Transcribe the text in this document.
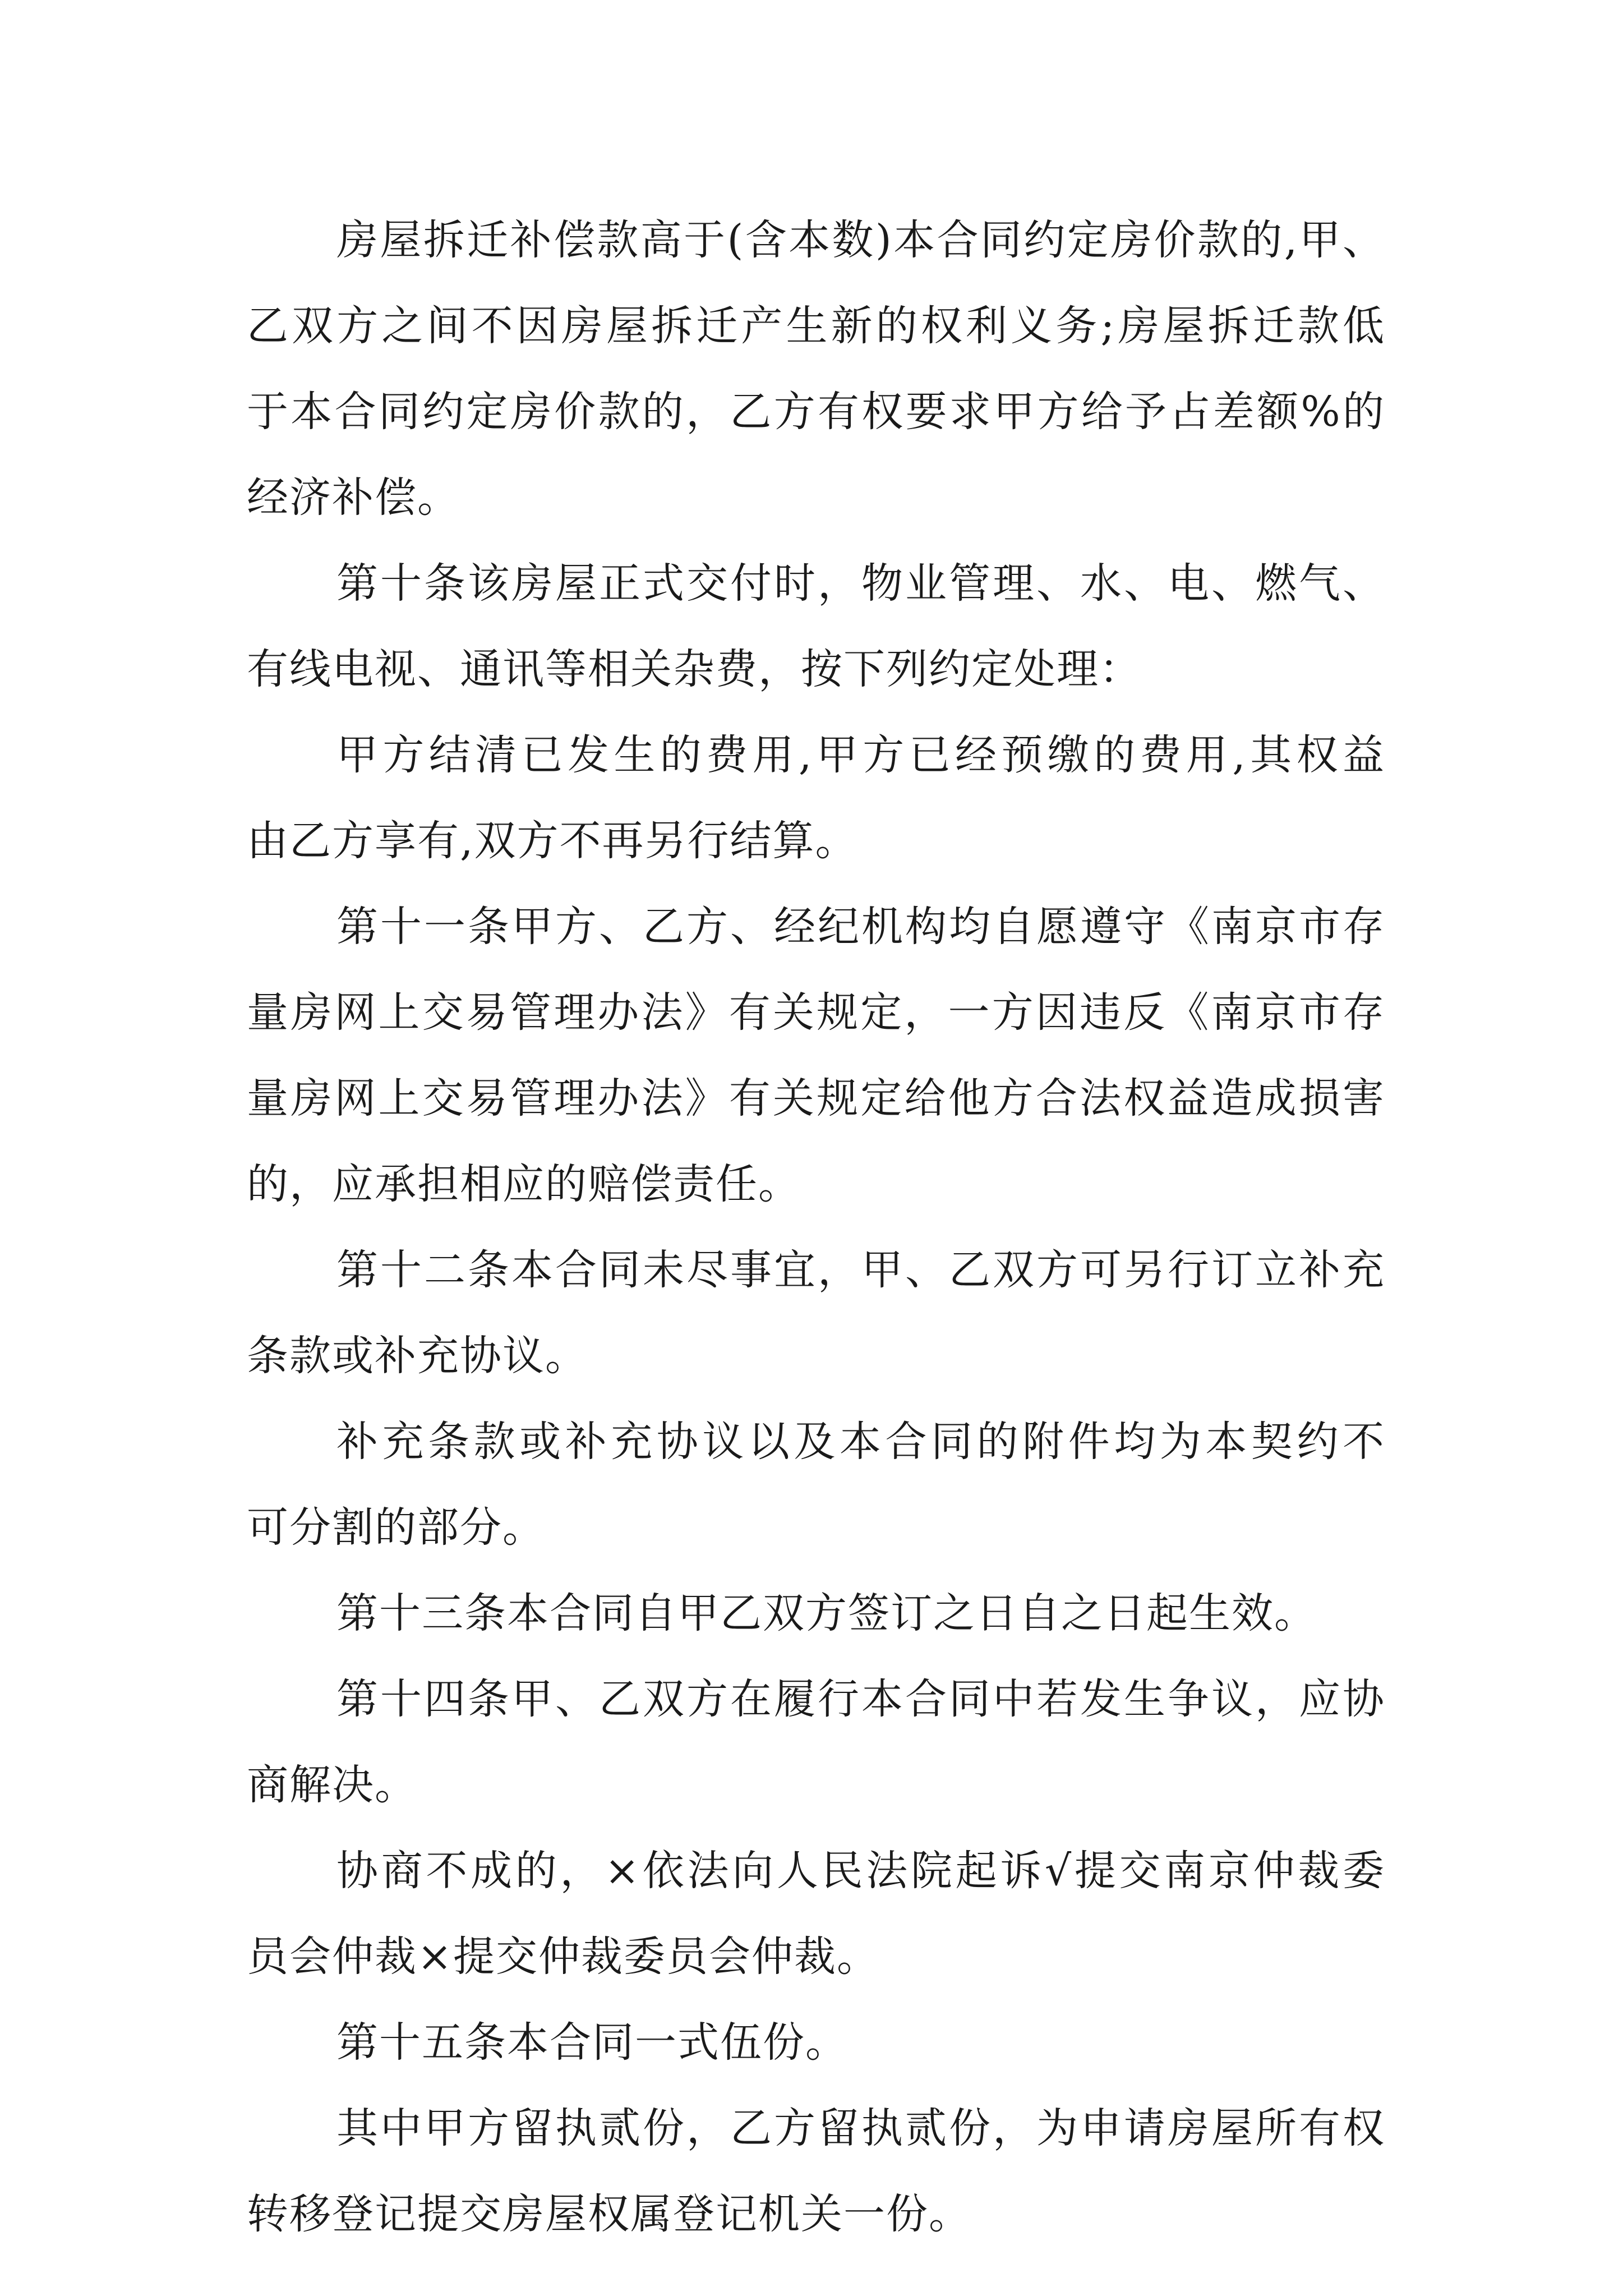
房屋拆迁补偿款高于(含本数)本合同约定房价款的,甲、
乙双方之间不因房屋拆迁产生新的权利义务;房屋拆迁款低
于本合同约定房价款的，乙方有权要求甲方给予占差额%的
经济补偿。
第十条该房屋正式交付时，物业管理、水、电、燃气、
有线电视、通讯等相关杂费，按下列约定处理：
甲方结清已发生的费用,甲方已经预缴的费用,其权益
由乙方享有,双方不再另行结算。
第十一条甲方、乙方、经纪机构均自愿遵守《南京市存
量房网上交易管理办法》有关规定，一方因违反《南京市存
量房网上交易管理办法》有关规定给他方合法权益造成损害
的，应承担相应的赔偿责任。
第十二条本合同未尽事宜，甲、乙双方可另行订立补充
条款或补充协议。
补充条款或补充协议以及本合同的附件均为本契约不
可分割的部分。
第十三条本合同自甲乙双方签订之日自之日起生效。
第十四条甲、乙双方在履行本合同中若发生争议，应协
商解决。
协商不成的，×依法向人民法院起诉√提交南京仲裁委
员会仲裁×提交仲裁委员会仲裁。
第十五条本合同一式伍份。
其中甲方留执贰份，乙方留执贰份，为申请房屋所有权
转移登记提交房屋权属登记机关一份。
